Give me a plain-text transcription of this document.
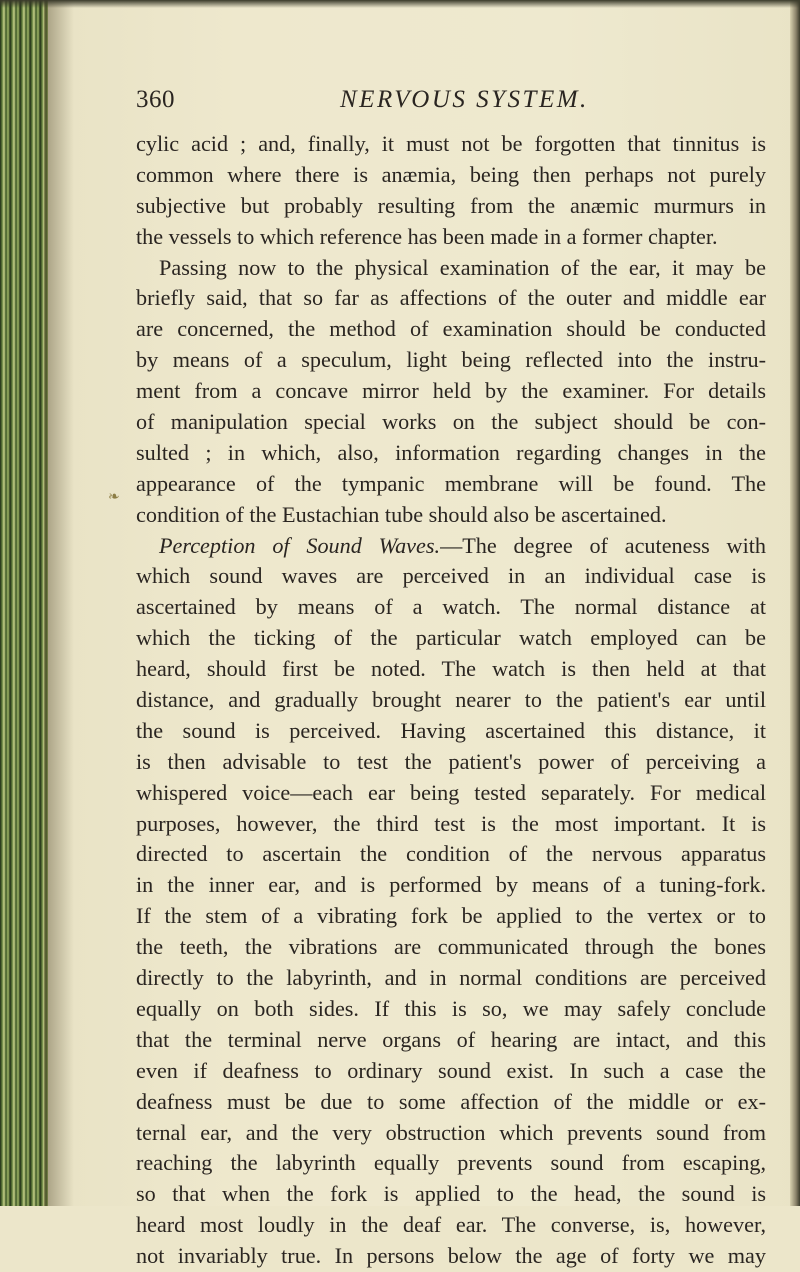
360	NERVOUS SYSTEM.
❧
cylic acid ; and, finally, it must not be forgotten that tinnitus is
common where there is anæmia, being then perhaps not purely
subjective but probably resulting from the anæmic murmurs in
the vessels to which reference has been made in a former chapter.
Passing now to the physical examination of the ear, it may be
briefly said, that so far as affections of the outer and middle ear
are concerned, the method of examination should be conducted
by means of a speculum, light being reflected into the instru-
ment from a concave mirror held by the examiner. For details
of manipulation special works on the subject should be con-
sulted ; in which, also, information regarding changes in the
appearance of the tympanic membrane will be found. The
condition of the Eustachian tube should also be ascertained.
Perception of Sound Waves.—The degree of acuteness with
which sound waves are perceived in an individual case is
ascertained by means of a watch. The normal distance at
which the ticking of the particular watch employed can be
heard, should first be noted. The watch is then held at that
distance, and gradually brought nearer to the patient's ear until
the sound is perceived. Having ascertained this distance, it
is then advisable to test the patient's power of perceiving a
whispered voice—each ear being tested separately. For medical
purposes, however, the third test is the most important. It is
directed to ascertain the condition of the nervous apparatus
in the inner ear, and is performed by means of a tuning-fork.
If the stem of a vibrating fork be applied to the vertex or to
the teeth, the vibrations are communicated through the bones
directly to the labyrinth, and in normal conditions are perceived
equally on both sides. If this is so, we may safely conclude
that the terminal nerve organs of hearing are intact, and this
even if deafness to ordinary sound exist. In such a case the
deafness must be due to some affection of the middle or ex-
ternal ear, and the very obstruction which prevents sound from
reaching the labyrinth equally prevents sound from escaping,
so that when the fork is applied to the head, the sound is
heard most loudly in the deaf ear. The converse, is, however,
not invariably true. In persons below the age of forty we may
